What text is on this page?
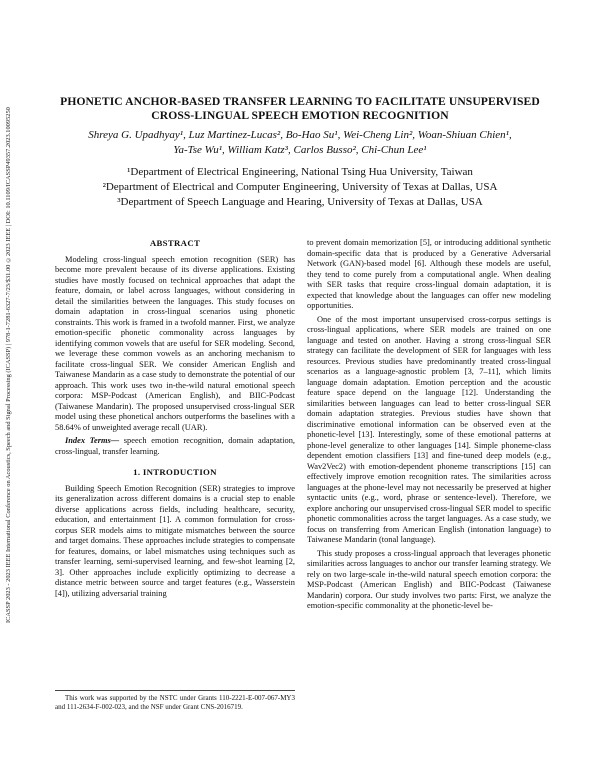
ICASSP 2023 - 2023 IEEE International Conference on Acoustics, Speech and Signal Processing (ICASSP) | 978-1-7281-6327-7/23/$31.00 ©2023 IEEE | DOI: 10.1109/ICASSP49357.2023.10095250
PHONETIC ANCHOR-BASED TRANSFER LEARNING TO FACILITATE UNSUPERVISED
CROSS-LINGUAL SPEECH EMOTION RECOGNITION
Shreya G. Upadhyay¹, Luz Martinez-Lucas², Bo-Hao Su¹, Wei-Cheng Lin², Woan-Shiuan Chien¹,
Ya-Tse Wu¹, William Katz³, Carlos Busso², Chi-Chun Lee¹
¹Department of Electrical Engineering, National Tsing Hua University, Taiwan
²Department of Electrical and Computer Engineering, University of Texas at Dallas, USA
³Department of Speech Language and Hearing, University of Texas at Dallas, USA
ABSTRACT

Modeling cross-lingual speech emotion recognition (SER) has become more prevalent because of its diverse applications. Existing studies have mostly focused on technical approaches that adapt the feature, domain, or label across languages, without considering in detail the similarities between the languages. This study focuses on domain adaptation in cross-lingual scenarios using phonetic constraints. This work is framed in a twofold manner. First, we analyze emotion-specific phonetic commonality across languages by identifying common vowels that are useful for SER modeling. Second, we leverage these common vowels as an anchoring mechanism to facilitate cross-lingual SER. We consider American English and Taiwanese Mandarin as a case study to demonstrate the potential of our approach. This work uses two in-the-wild natural emotional speech corpora: MSP-Podcast (American English), and BIIC-Podcast (Taiwanese Mandarin). The proposed unsupervised cross-lingual SER model using these phonetical anchors outperforms the baselines with a 58.64% of unweighted average recall (UAR).

Index Terms— speech emotion recognition, domain adaptation, cross-lingual, transfer learning.

1. INTRODUCTION

Building Speech Emotion Recognition (SER) strategies to improve its generalization across different domains is a crucial step to enable diverse applications across fields, including healthcare, security, education, and entertainment [1]. A common formulation for cross-corpus SER models aims to mitigate mismatches between the source and target domains. These approaches include strategies to compensate for features, domains, or label mismatches using techniques such as transfer learning, semi-supervised learning, and few-shot learning [2, 3]. Other approaches include explicitly optimizing to decrease a distance metric between source and target features (e.g., Wasserstein [4]), utilizing adversarial training

This work was supported by the NSTC under Grants 110-2221-E-007-067-MY3 and 111-2634-F-002-023, and the NSF under Grant CNS-2016719.

to prevent domain memorization [5], or introducing additional synthetic domain-specific data that is produced by a Generative Adversarial Network (GAN)-based model [6]. Although these models are useful, they tend to come purely from a computational angle. When dealing with SER tasks that require cross-lingual domain adaptation, it is expected that knowledge about the languages can offer new modeling opportunities.

One of the most important unsupervised cross-corpus settings is cross-lingual applications, where SER models are trained on one language and tested on another. Having a strong cross-lingual SER strategy can facilitate the development of SER for languages with less resources. Previous studies have predominantly treated cross-lingual scenarios as a language-agnostic problem [3, 7–11], which limits language domain adaptation. Emotion perception and the acoustic feature space depend on the language [12]. Understanding the similarities between languages can lead to better cross-lingual SER domain adaptation strategies. Previous studies have shown that discriminative emotional information can be observed even at the phonetic-level [13]. Interestingly, some of these emotional patterns at phone-level generalize to other languages [14]. Simple phoneme-class dependent emotion classifiers [13] and fine-tuned deep models (e.g., Wav2Vec2) with emotion-dependent phoneme transcriptions [15] can effectively improve emotion recognition rates. The similarities across languages at the phone-level may not necessarily be preserved at higher syntactic units (e.g., word, phrase or sentence-level). Therefore, we explore anchoring our unsupervised cross-lingual SER model to specific phonetic commonalities across the target languages. As a case study, we focus on transferring from American English (intonation language) to Taiwanese Mandarin (tonal language).

This study proposes a cross-lingual approach that leverages phonetic similarities across languages to anchor our transfer learning strategy. We rely on two large-scale in-the-wild natural speech emotion corpora: the MSP-Podcast (American English) and BIIC-Podcast (Taiwanese Mandarin) corpora. Our study involves two parts: First, we analyze the emotion-specific commonality at the phonetic-level be-
